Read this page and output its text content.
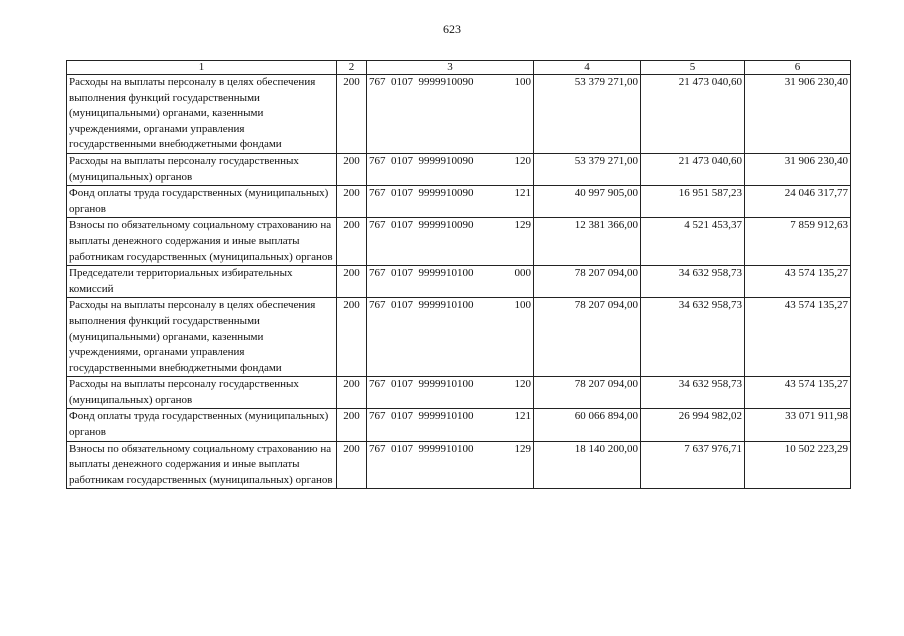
623
1	2	3	4	5	6
Расходы на выплаты персоналу в целях обеспечения выполнения функций государственными (муниципальными) органами, казенными учреждениями, органами управления государственными внебюджетными фондами	200	767  0107  9999910090 100	53 379 271,00	21 473 040,60	31 906 230,40
Расходы на выплаты персоналу государственных (муниципальных) органов	200	767  0107  9999910090 120	53 379 271,00	21 473 040,60	31 906 230,40
Фонд оплаты труда государственных (муниципальных) органов	200	767  0107  9999910090 121	40 997 905,00	16 951 587,23	24 046 317,77
Взносы по обязательному социальному страхованию на выплаты денежного содержания и иные выплаты работникам государственных (муниципальных) органов	200	767  0107  9999910090 129	12 381 366,00	4 521 453,37	7 859 912,63
Председатели территориальных избирательных комиссий	200	767  0107  9999910100 000	78 207 094,00	34 632 958,73	43 574 135,27
Расходы на выплаты персоналу в целях обеспечения выполнения функций государственными (муниципальными) органами, казенными учреждениями, органами управления государственными внебюджетными фондами	200	767  0107  9999910100 100	78 207 094,00	34 632 958,73	43 574 135,27
Расходы на выплаты персоналу государственных (муниципальных) органов	200	767  0107  9999910100 120	78 207 094,00	34 632 958,73	43 574 135,27
Фонд оплаты труда государственных (муниципальных) органов	200	767  0107  9999910100 121	60 066 894,00	26 994 982,02	33 071 911,98
Взносы по обязательному социальному страхованию на выплаты денежного содержания и иные выплаты работникам государственных (муниципальных) органов	200	767  0107  9999910100 129	18 140 200,00	7 637 976,71	10 502 223,29
